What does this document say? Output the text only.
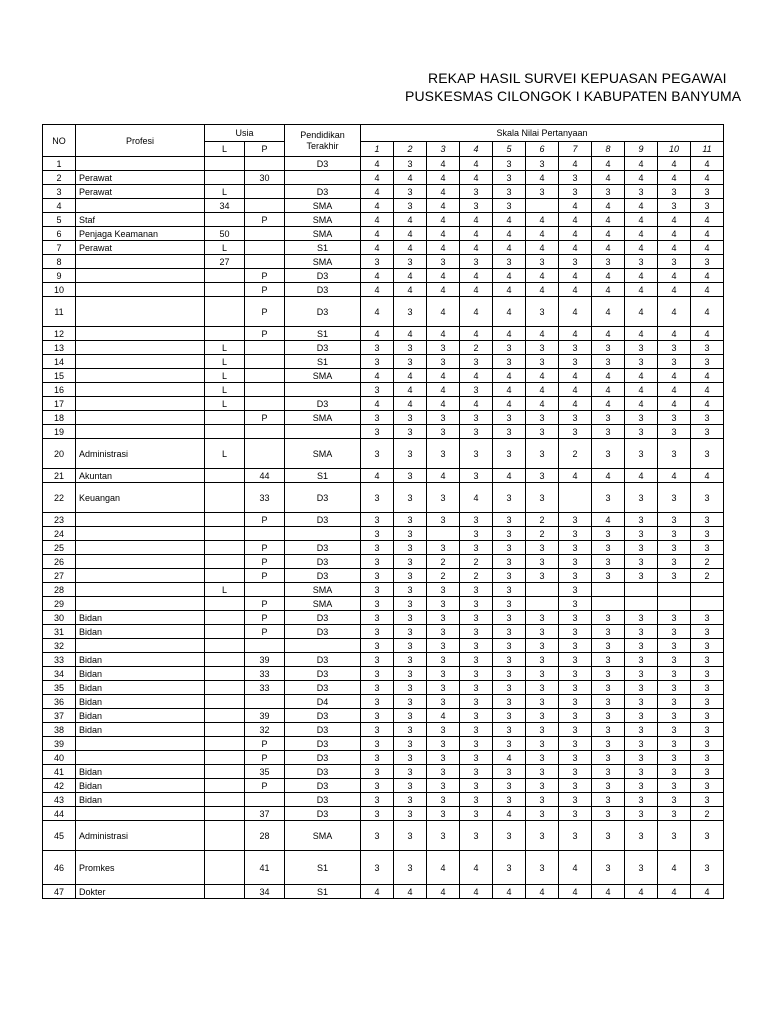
REKAP HASIL SURVEI KEPUASAN PEGAWAI
PUSKESMAS CILONGOK I KABUPATEN BANYUMA
NO	Profesi	Usia		Pendidikan
Terakhir	Skala Nilai Pertanyaan										
		L	P		1	2	3	4	5	6	7	8	9	10	11
1				D3	4	3	4	4	3	3	4	4	4	4	4
2	Perawat		30		4	4	4	4	3	4	3	4	4	4	4
3	Perawat	L		D3	4	3	4	3	3	3	3	3	3	3	3
4		34		SMA	4	3	4	3	3		4	4	4	3	3
5	Staf		P	SMA	4	4	4	4	4	4	4	4	4	4	4
6	Penjaga Keamanan	50		SMA	4	4	4	4	4	4	4	4	4	4	4
7	Perawat	L		S1	4	4	4	4	4	4	4	4	4	4	4
8		27		SMA	3	3	3	3	3	3	3	3	3	3	3
9			P	D3	4	4	4	4	4	4	4	4	4	4	4
10			P	D3	4	4	4	4	4	4	4	4	4	4	4
11			P	D3	4	3	4	4	4	3	4	4	4	4	4
12			P	S1	4	4	4	4	4	4	4	4	4	4	4
13		L		D3	3	3	3	2	3	3	3	3	3	3	3
14		L		S1	3	3	3	3	3	3	3	3	3	3	3
15		L		SMA	4	4	4	4	4	4	4	4	4	4	4
16		L			3	4	4	3	4	4	4	4	4	4	4
17		L		D3	4	4	4	4	4	4	4	4	4	4	4
18			P	SMA	3	3	3	3	3	3	3	3	3	3	3
19					3	3	3	3	3	3	3	3	3	3	3
20	Administrasi	L		SMA	3	3	3	3	3	3	2	3	3	3	3
21	Akuntan		44	S1	4	3	4	3	4	3	4	4	4	4	4
22	Keuangan		33	D3	3	3	3	4	3	3		3	3	3	3
23			P	D3	3	3	3	3	3	2	3	4	3	3	3
24					3	3		3	3	2	3	3	3	3	3
25			P	D3	3	3	3	3	3	3	3	3	3	3	3
26			P	D3	3	3	2	2	3	3	3	3	3	3	2
27			P	D3	3	3	2	2	3	3	3	3	3	3	2
28		L		SMA	3	3	3	3	3		3				
29			P	SMA	3	3	3	3	3		3				
30	Bidan		P	D3	3	3	3	3	3	3	3	3	3	3	3
31	Bidan		P	D3	3	3	3	3	3	3	3	3	3	3	3
32					3	3	3	3	3	3	3	3	3	3	3
33	Bidan		39	D3	3	3	3	3	3	3	3	3	3	3	3
34	Bidan		33	D3	3	3	3	3	3	3	3	3	3	3	3
35	Bidan		33	D3	3	3	3	3	3	3	3	3	3	3	3
36	Bidan			D4	3	3	3	3	3	3	3	3	3	3	3
37	Bidan		39	D3	3	3	4	3	3	3	3	3	3	3	3
38	Bidan		32	D3	3	3	3	3	3	3	3	3	3	3	3
39			P	D3	3	3	3	3	3	3	3	3	3	3	3
40			P	D3	3	3	3	3	4	3	3	3	3	3	3
41	Bidan		35	D3	3	3	3	3	3	3	3	3	3	3	3
42	Bidan		P	D3	3	3	3	3	3	3	3	3	3	3	3
43	Bidan			D3	3	3	3	3	3	3	3	3	3	3	3
44			37	D3	3	3	3	3	4	3	3	3	3	3	2
45	Administrasi		28	SMA	3	3	3	3	3	3	3	3	3	3	3
46	Promkes		41	S1	3	3	4	4	3	3	4	3	3	4	3
47	Dokter		34	S1	4	4	4	4	4	4	4	4	4	4	4
